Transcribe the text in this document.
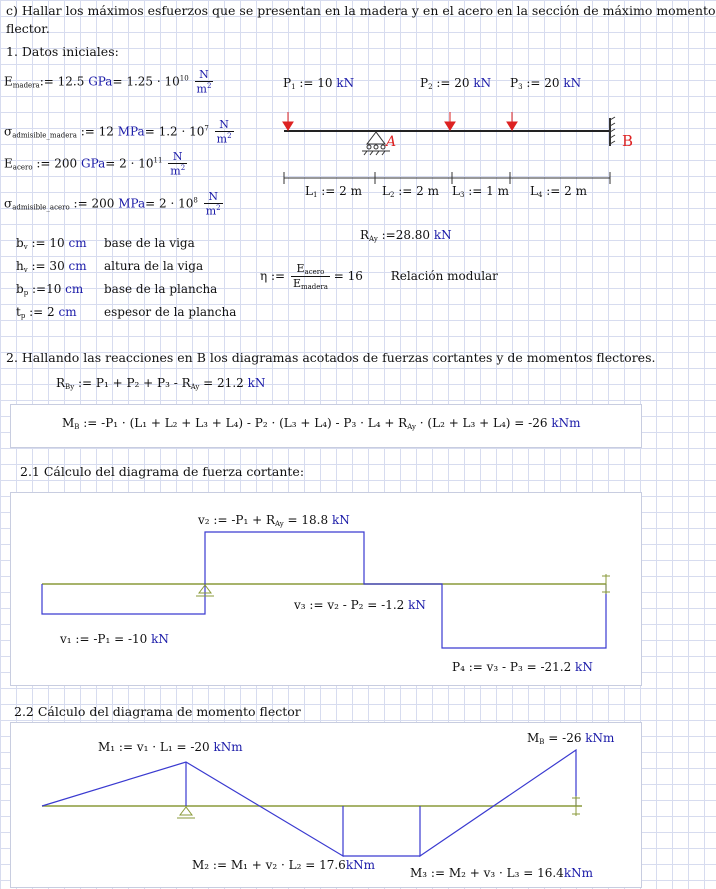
c) Hallar los máximos esfuerzos que se presentan en la madera y en el acero en la sección de máximo momento
flector.
1. Datos iniciales:
$E_{madera}:= 12.5$ $GPa= 1.25 \cdot 10^{10} \frac{N}{m^2}$
$\sigma_{admisible\_madera}$ := 12 $MPa= 1.2 \cdot 10^7 \frac{N}{m^2}$
$E_{acero}$ := 200 $GPa= 2 \cdot 10^{11} \frac{N}{m^2}$
$\sigma_{admisible\_acero}$ := 200 $MPa= 2 \cdot 10^8 \frac{N}{m^2}$
$P_1$ := 10 kN	$P_2$ := 20 kN $P_3$ := 20 kN
A	B
$L_1$ := 2 m $L_2$ := 2 m $L_3$ := 1 m $L_4$ := 2 m
$R_{Ay}$ :=28.80 kN
$b_v$ := 10 cm base de la viga
$h_v$ := 30 cm altura de la viga
$b_p$ :=10 cm base de la plancha
$t_p$ := 2 cm espesor de la plancha
η := $\frac{E_{acero}}{E_{madera}} = 16$ Relación modular
2. Hallando las reacciones en B los diagramas acotados de fuerzas cortantes y de momentos flectores.
$R_{By}$ := $P_1 + P_2 + P_3 - R_{Ay} = 21.2$ kN
$M_B$ := $-P_1 \cdot (L_1 + L_2 + L_3 + L_4) - P_2 \cdot (L_3 + L_4) - P_3 \cdot L_4 + R_{Ay} \cdot (L_2 + L_3 + L_4) = -26$ kNm
2.1 Cálculo del diagrama de fuerza cortante:
v₂ := $-P_1 + R_{Ay} = 18.8$ kN
v₃ := v₂ - P₂ = -1.2 kN
v₁ := -P₁ = -10 kN
P₄ := v₃ - P₃ = -21.2 kN
2.2 Cálculo del diagrama de momento flector
M₁ := v₁ · L₁ = -20 kNm
$M_B = -26$ kNm
M₂ := M₁ + v₂ · L₂ = 17.6kNm
M₃ := M₂ + v₃ · L₃ = 16.4kNm
